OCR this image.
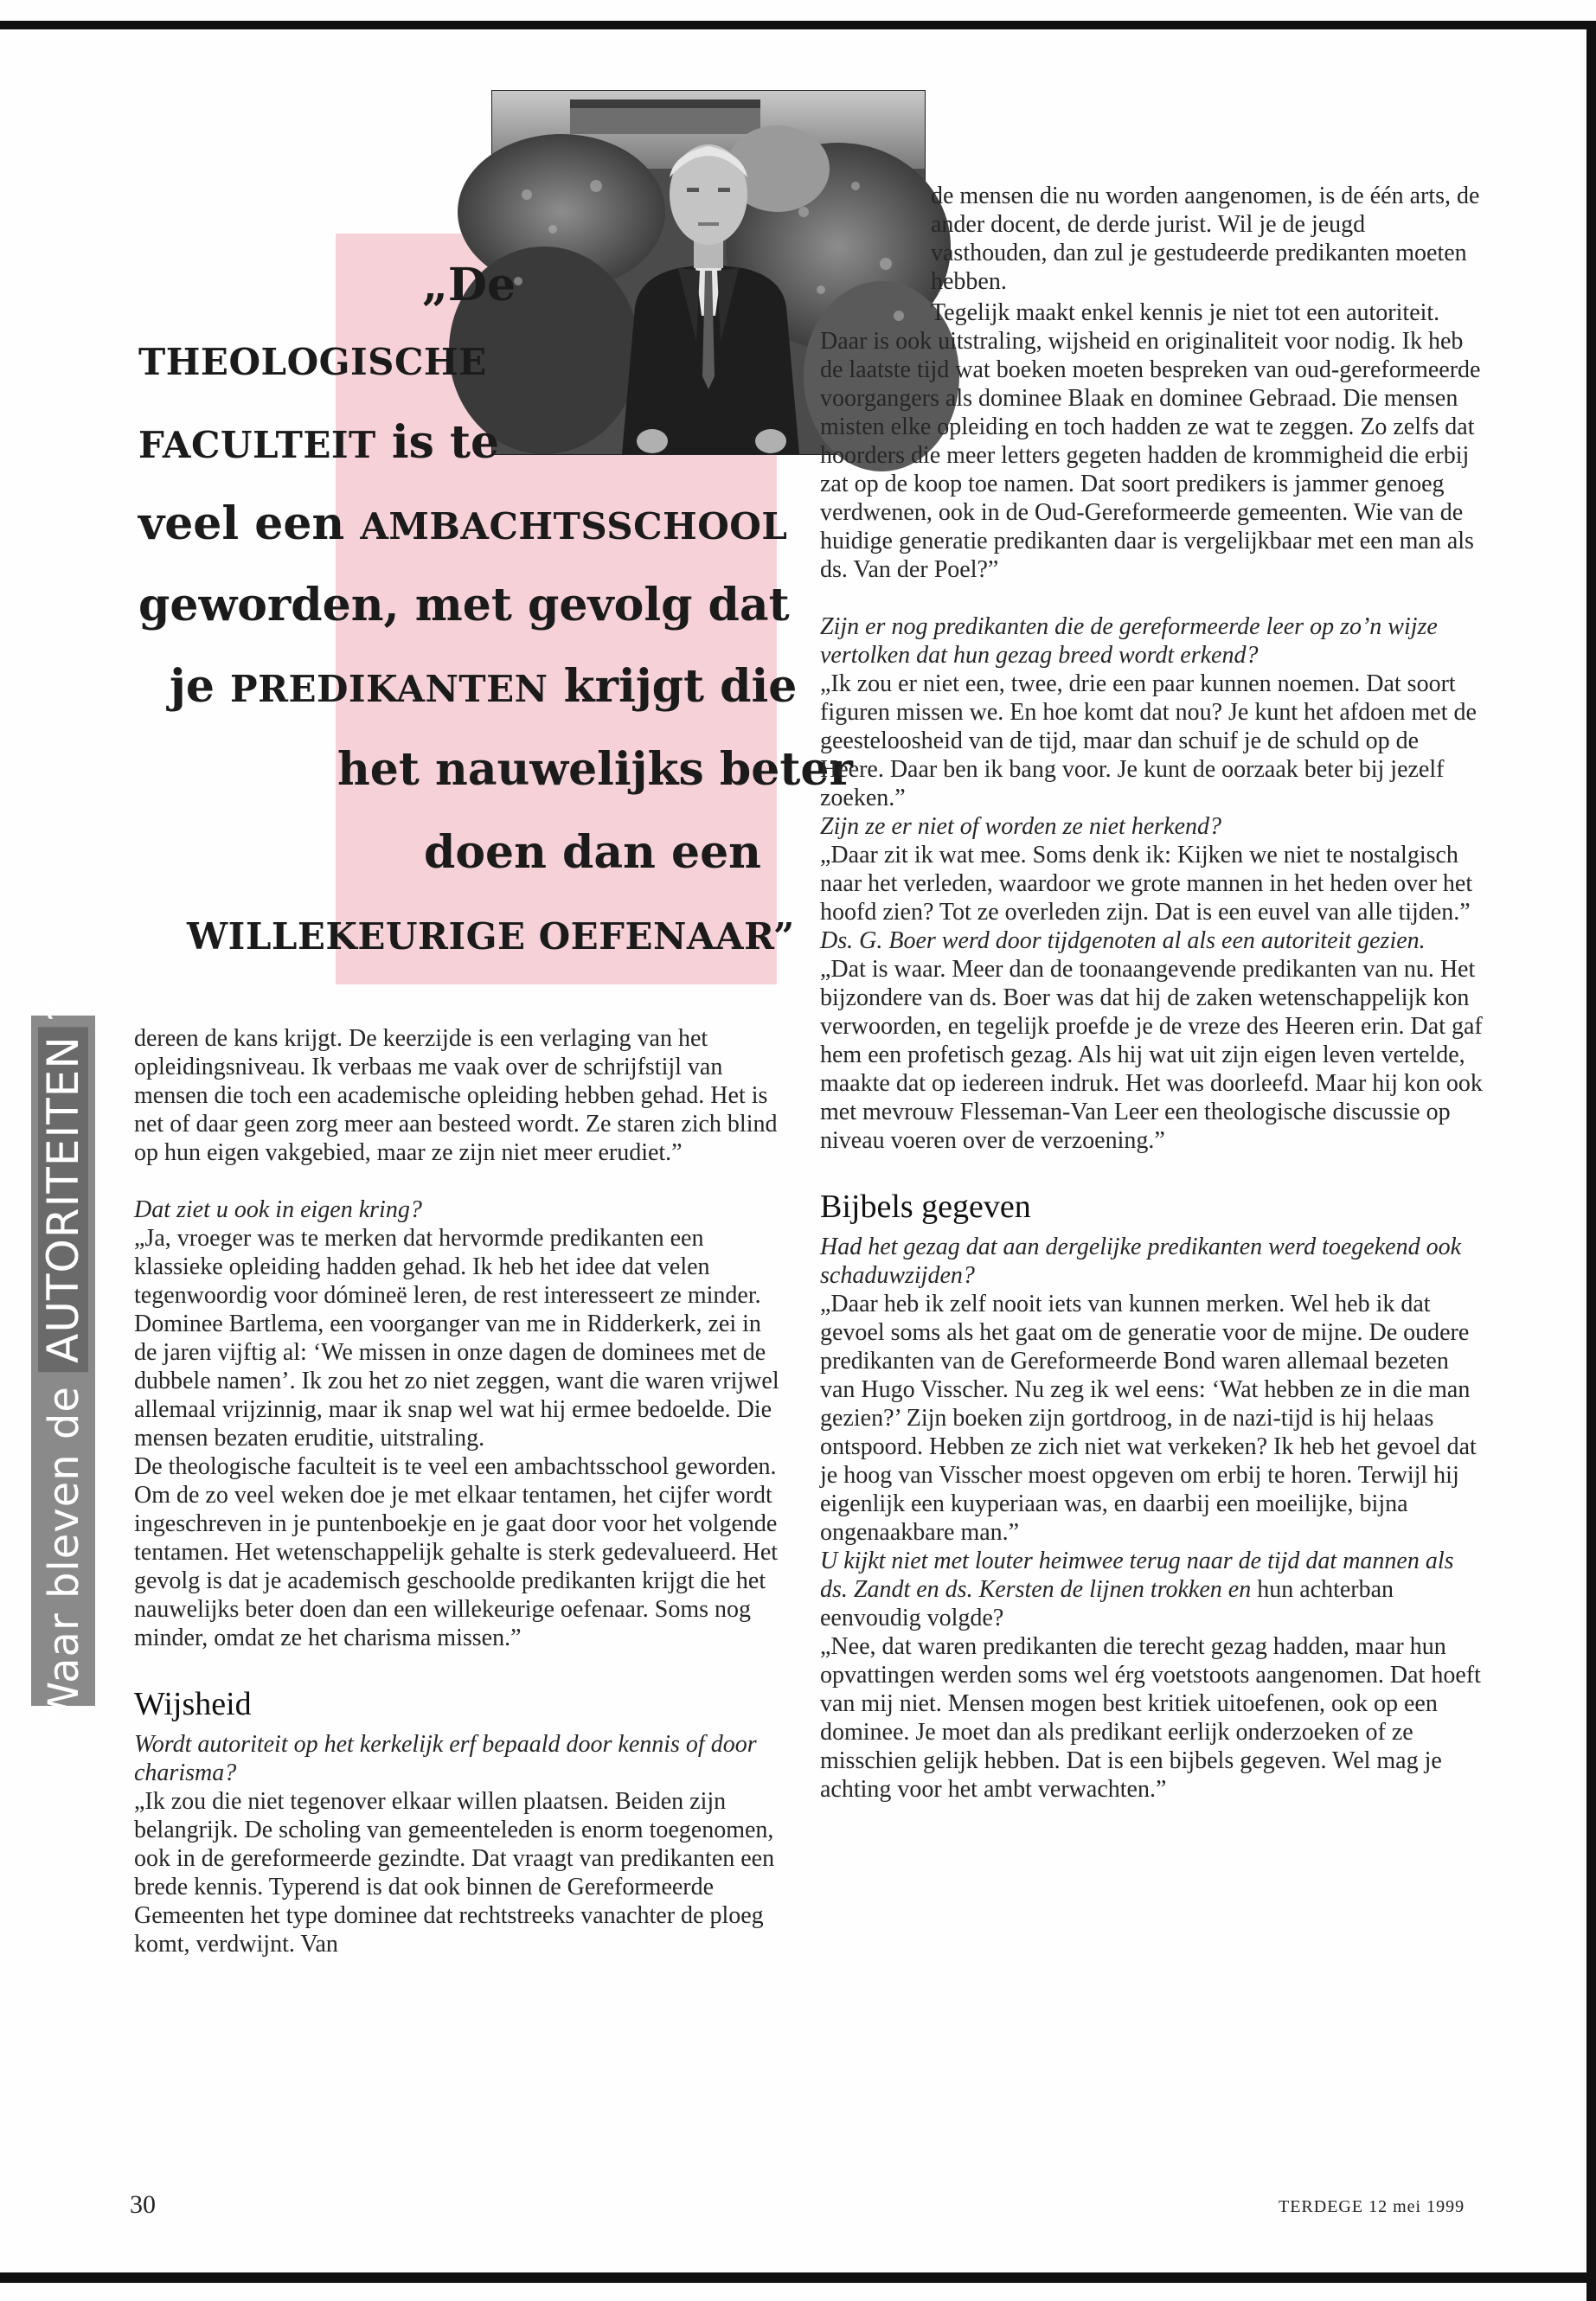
„De
THEOLOGISCHE
FACULTEIT is te
veel een AMBACHTSSCHOOL
geworden, met gevolg dat
je PREDIKANTEN krijgt die
het nauwelijks beter
doen dan een
WILLEKEURIGE OEFENAAR”
Waar bleven de AUTORITEITEN?

dereen de kans krijgt. De keerzijde is een verlaging van het opleidingsniveau. Ik verbaas me vaak over de schrijfstijl van mensen die toch een academische opleiding hebben gehad. Het is net of daar geen zorg meer aan besteed wordt. Ze staren zich blind op hun eigen vakgebied, maar ze zijn niet meer erudiet.”

Dat ziet u ook in eigen kring?

„Ja, vroeger was te merken dat hervormde predikanten een klassieke opleiding hadden gehad. Ik heb het idee dat velen tegenwoordig voor dómineë leren, de rest interesseert ze minder. Dominee Bartlema, een voorganger van me in Ridderkerk, zei in de jaren vijftig al: ‘We missen in onze dagen de dominees met de dubbele namen’. Ik zou het zo niet zeggen, want die waren vrijwel allemaal vrijzinnig, maar ik snap wel wat hij ermee bedoelde. Die mensen bezaten eruditie, uitstraling.

De theologische faculteit is te veel een ambachtsschool geworden. Om de zo veel weken doe je met elkaar tentamen, het cijfer wordt ingeschreven in je puntenboekje en je gaat door voor het volgende tentamen. Het wetenschappelijk gehalte is sterk gedevalueerd. Het gevolg is dat je academisch geschoolde predikanten krijgt die het nauwelijks beter doen dan een willekeurige oefenaar. Soms nog minder, omdat ze het charisma missen.”

Wijsheid

Wordt autoriteit op het kerkelijk erf bepaald door kennis of door charisma?

„Ik zou die niet tegenover elkaar willen plaatsen. Beiden zijn belangrijk. De scholing van gemeenteleden is enorm toegenomen, ook in de gereformeerde gezindte. Dat vraagt van predikanten een brede kennis. Typerend is dat ook binnen de Gereformeerde Gemeenten het type dominee dat rechtstreeks vanachter de ploeg komt, verdwijnt. Van

de mensen die nu worden aangenomen, is de één arts, de ander docent, de derde jurist. Wil je de jeugd vasthouden, dan zul je gestudeerde predikanten moeten hebben.

Tegelijk maakt enkel kennis je niet tot een autoriteit. Daar is ook uitstraling, wijsheid en originaliteit voor nodig. Ik heb de laatste tijd wat boeken moeten bespreken van oud-gereformeerde voorgangers als dominee Blaak en dominee Gebraad. Die mensen misten elke opleiding en toch hadden ze wat te zeggen. Zo zelfs dat hoorders die meer letters gegeten hadden de krommigheid die erbij zat op de koop toe namen. Dat soort predikers is jammer genoeg verdwenen, ook in de Oud-Gereformeerde gemeenten. Wie van de huidige generatie predikanten daar is vergelijkbaar met een man als ds. Van der Poel?”

Zijn er nog predikanten die de gereformeerde leer op zo’n wijze vertolken dat hun gezag breed wordt erkend?

„Ik zou er niet een, twee, drie een paar kunnen noemen. Dat soort figuren missen we. En hoe komt dat nou? Je kunt het afdoen met de geesteloosheid van de tijd, maar dan schuif je de schuld op de Heere. Daar ben ik bang voor. Je kunt de oorzaak beter bij jezelf zoeken.”

Zijn ze er niet of worden ze niet herkend?

„Daar zit ik wat mee. Soms denk ik: Kijken we niet te nostalgisch naar het verleden, waardoor we grote mannen in het heden over het hoofd zien? Tot ze overleden zijn. Dat is een euvel van alle tijden.”

Ds. G. Boer werd door tijdgenoten al als een autoriteit gezien.

„Dat is waar. Meer dan de toonaangevende predikanten van nu. Het bijzondere van ds. Boer was dat hij de zaken wetenschappelijk kon verwoorden, en tegelijk proefde je de vreze des Heeren erin. Dat gaf hem een profetisch gezag. Als hij wat uit zijn eigen leven vertelde, maakte dat op iedereen indruk. Het was doorleefd. Maar hij kon ook met mevrouw Flesseman-Van Leer een theologische discussie op niveau voeren over de verzoening.”

Bijbels gegeven

Had het gezag dat aan dergelijke predikanten werd toegekend ook schaduwzijden?

„Daar heb ik zelf nooit iets van kunnen merken. Wel heb ik dat gevoel soms als het gaat om de generatie voor de mijne. De oudere predikanten van de Gereformeerde Bond waren allemaal bezeten van Hugo Visscher. Nu zeg ik wel eens: ‘Wat hebben ze in die man gezien?’ Zijn boeken zijn gortdroog, in de nazi-tijd is hij helaas ontspoord. Hebben ze zich niet wat verkeken? Ik heb het gevoel dat je hoog van Visscher moest opgeven om erbij te horen. Terwijl hij eigenlijk een kuyperiaan was, en daarbij een moeilijke, bijna ongenaakbare man.”

U kijkt niet met louter heimwee terug naar de tijd dat mannen als ds. Zandt en ds. Kersten de lijnen trokken en hun achterban eenvoudig volgde?

„Nee, dat waren predikanten die terecht gezag hadden, maar hun opvattingen werden soms wel érg voetstoots aangenomen. Dat hoeft van mij niet. Mensen mogen best kritiek uitoefenen, ook op een dominee. Je moet dan als predikant eerlijk onderzoeken of ze misschien gelijk hebben. Dat is een bijbels gegeven. Wel mag je achting voor het ambt verwachten.”

30	TERDEGE 12 mei 1999
